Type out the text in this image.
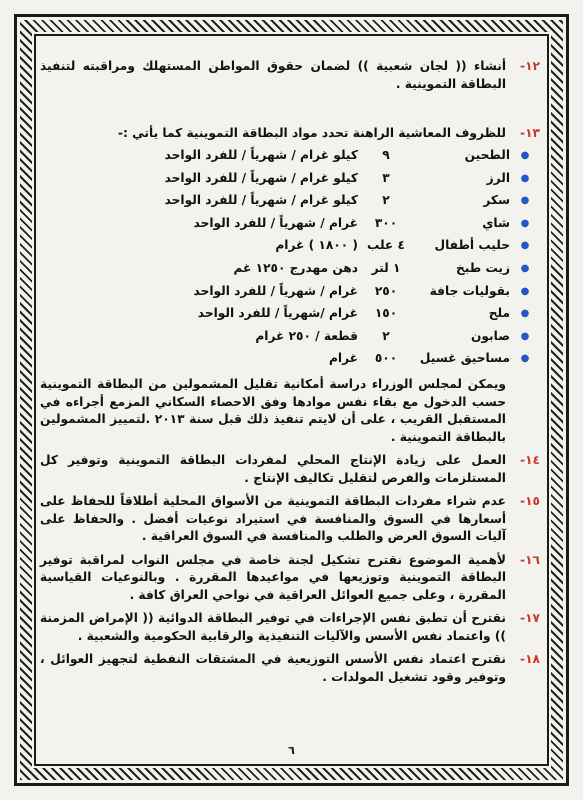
١٢-
أنشاء (( لجان شعبية )) لضمان حقوق المواطن المستهلك ومراقبته لتنفيذ البطاقة التموينية .
١٣-
للظروف المعاشية الراهنة تحدد مواد البطاقة التموينية كما يأتي :-
●	الطحين	٩	كيلو غرام / شهرياً / للفرد الواحد
●	الرز	٣	كيلو غرام / شهرياً / للفرد الواحد
●	سكر	٢	كيلو غرام / شهرياً / للفرد الواحد
●	شاي	٣٠٠	غرام / شهرياً / للفرد الواحد
●	حليب أطفال	٤ علب	( ١٨٠٠ ) غرام
●	زيت طبخ	١ لتر	دهن مهدرج ١٢٥٠ غم
●	بقوليات جافة	٢٥٠	غرام / شهرياً / للفرد الواحد
●	ملح	١٥٠	غرام /شهرياً / للفرد الواحد
●	صابون	٢	قطعة / ٢٥٠ غرام
●	مساحيق غسيل	٥٠٠	غرام
ويمكن لمجلس الوزراء دراسة أمكانية تقليل المشمولين من البطاقة التموينية حسب الدخول مع بقاء نفس موادها وفق الاحصاء السكاني المزمع أجراءه في المستقبل القريب ، على أن لايتم تنفيذ ذلك قبل سنة ٢٠١٣ .لتمييز المشمولين بالبطاقة التموينية .
١٤-
العمل على زيادة الإنتاج المحلي لمفردات البطاقة التموينية وتوفير كل المستلزمات والفرص لتقليل تكاليف الإنتاج .
١٥-
عدم شراء مفردات البطاقة التموينية من الأسواق المحلية أطلاقاً للحفاظ على أسعارها في السوق والمنافسة في استيراد نوعيات أفضل . والحفاظ على آليات السوق العرض والطلب والمنافسة في السوق العراقية .
١٦-
لأهمية الموضوع نقترح تشكيل لجنة خاصة في مجلس النواب لمراقبة توفير البطاقة التموينية وتوزيعها في مواعيدها المقررة . وبالنوعيات القياسية المقررة ، وعلى جميع العوائل العراقية في نواحي العراق كافة .
١٧-
نقترح أن تطبق نفس الإجراءات في توفير البطاقة الدوائية (( الإمراض المزمنة )) واعتماد نفس الأسس والآليات التنفيذية والرقابية الحكومية والشعبية .
١٨-
نقترح اعتماد نفس الأسس التوزيعية في المشتقات النفطية لتجهيز العوائل ، وتوفير وقود تشغيل المولدات .
٦
